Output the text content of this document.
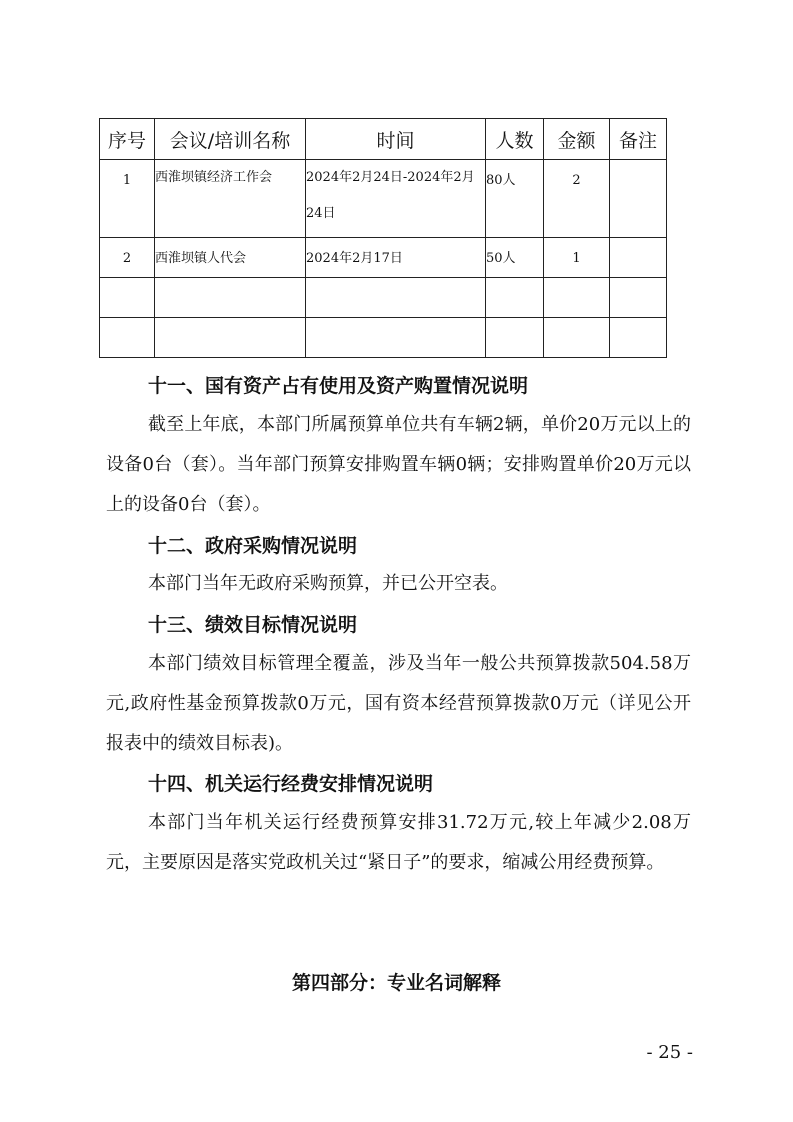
序号	会议/培训名称	时间	人数	金额	备注

1	西淮坝镇经济工作会	2024年2月24日-2024年2月24日	80人	2	

2	西淮坝镇人代会	2024年2月17日	50人	1	

十一、国有资产占有使用及资产购置情况说明

截至上年底，本部门所属预算单位共有车辆2辆，单价20万元以上的设备0台（套）。当年部门预算安排购置车辆0辆；安排购置单价20万元以上的设备0台（套）。

十二、政府采购情况说明

本部门当年无政府采购预算，并已公开空表。

十三、绩效目标情况说明

本部门绩效目标管理全覆盖，涉及当年一般公共预算拨款504.58万元,政府性基金预算拨款0万元，国有资本经营预算拨款0万元（详见公开报表中的绩效目标表)。

十四、机关运行经费安排情况说明

本部门当年机关运行经费预算安排31.72万元,较上年减少2.08万元，主要原因是落实党政机关过“紧日子”的要求，缩减公用经费预算。

第四部分：专业名词解释
- 25 -
